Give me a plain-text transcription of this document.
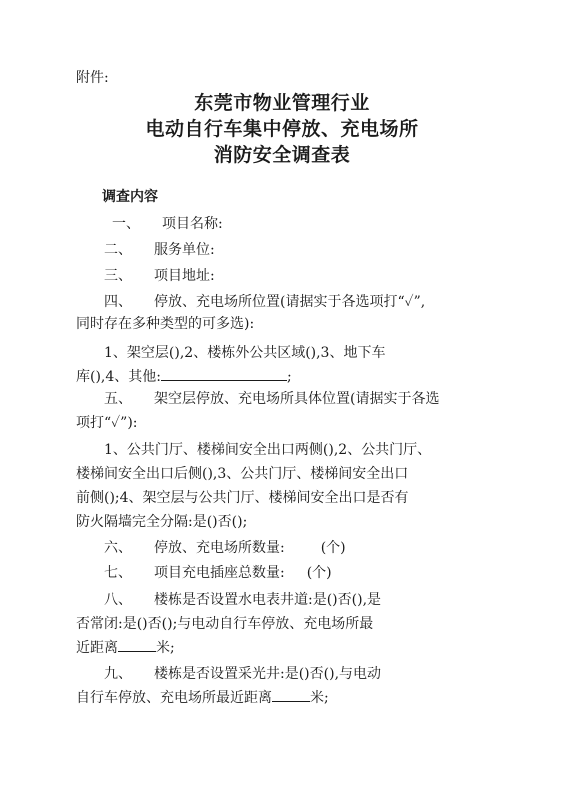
附件:
东莞市物业管理行业
电动自行车集中停放、充电场所
消防安全调查表
调查内容
一、 项目名称:
二、 服务单位:
三、 项目地址:
四、 停放、充电场所位置(请据实于各选项打“✓”,
同时存在多种类型的可多选):
1、架空层(),2、楼栋外公共区域(),3、地下车
库(),4、其他:	;
五、 架空层停放、充电场所具体位置(请据实于各选
项打“✓”):
1、公共门厅、楼梯间安全出口两侧(),2、公共门厅、
楼梯间安全出口后侧(),3、公共门厅、楼梯间安全出口
前侧();4、架空层与公共门厅、楼梯间安全出口是否有
防火隔墙完全分隔:是()否();
六、 停放、充电场所数量:	(个)
七、 项目充电插座总数量: (个)
八、 楼栋是否设置水电表井道:是()否(),是
否常闭:是()否();与电动自行车停放、充电场所最
近距离	米;
九、 楼栋是否设置采光井:是()否(),与电动
自行车停放、充电场所最近距离	米;
